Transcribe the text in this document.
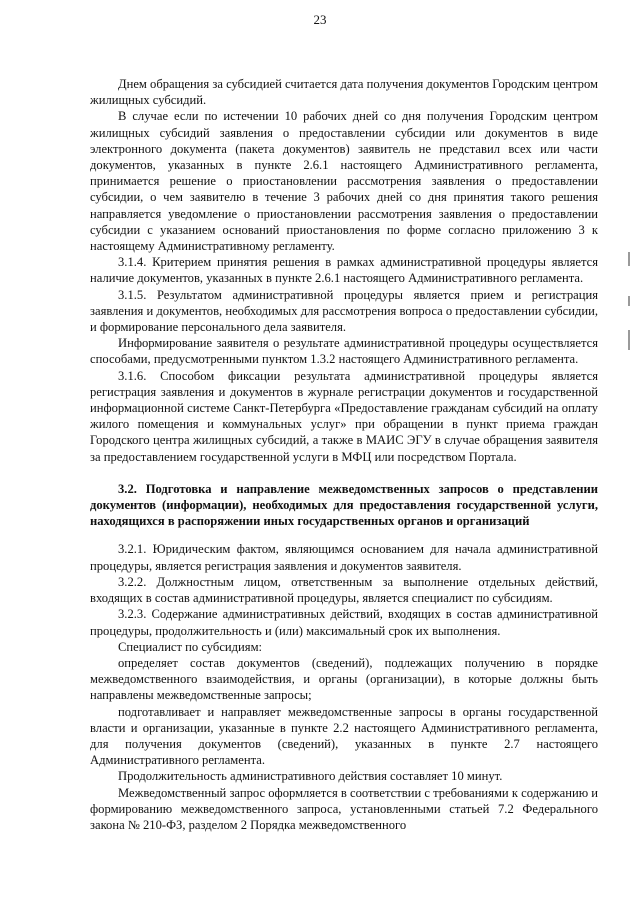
23

Днем обращения за субсидией считается дата получения документов Городским центром жилищных субсидий.

В случае если по истечении 10 рабочих дней со дня получения Городским центром жилищных субсидий заявления о предоставлении субсидии или документов в виде электронного документа (пакета документов) заявитель не представил всех или части документов, указанных в пункте 2.6.1 настоящего Административного регламента, принимается решение о приостановлении рассмотрения заявления о предоставлении субсидии, о чем заявителю в течение 3 рабочих дней со дня принятия такого решения направляется уведомление о приостановлении рассмотрения заявления о предоставлении субсидии с указанием оснований приостановления по форме согласно приложению 3 к настоящему Административному регламенту.

3.1.4. Критерием принятия решения в рамках административной процедуры является наличие документов, указанных в пункте 2.6.1 настоящего Административного регламента.

3.1.5. Результатом административной процедуры является прием и регистрация заявления и документов, необходимых для рассмотрения вопроса о предоставлении субсидии, и формирование персонального дела заявителя.

Информирование заявителя о результате административной процедуры осуществляется способами, предусмотренными пунктом 1.3.2 настоящего Административного регламента.

3.1.6. Способом фиксации результата административной процедуры является регистрация заявления и документов в журнале регистрации документов и государственной информационной системе Санкт-Петербурга «Предоставление гражданам субсидий на оплату жилого помещения и коммунальных услуг» при обращении в пункт приема граждан Городского центра жилищных субсидий, а также в МАИС ЭГУ в случае обращения заявителя за предоставлением государственной услуги в МФЦ или посредством Портала.

3.2. Подготовка и направление межведомственных запросов о представлении документов (информации), необходимых для предоставления государственной услуги, находящихся в распоряжении иных государственных органов и организаций

3.2.1. Юридическим фактом, являющимся основанием для начала административной процедуры, является регистрация заявления и документов заявителя.

3.2.2. Должностным лицом, ответственным за выполнение отдельных действий, входящих в состав административной процедуры, является специалист по субсидиям.

3.2.3. Содержание административных действий, входящих в состав административной процедуры, продолжительность и (или) максимальный срок их выполнения.

Специалист по субсидиям:

определяет состав документов (сведений), подлежащих получению в порядке межведомственного взаимодействия, и органы (организации), в которые должны быть направлены межведомственные запросы;

подготавливает и направляет межведомственные запросы в органы государственной власти и организации, указанные в пункте 2.2 настоящего Административного регламента, для получения документов (сведений), указанных в пункте 2.7 настоящего Административного регламента.

Продолжительность административного действия составляет 10 минут.

Межведомственный запрос оформляется в соответствии с требованиями к содержанию и формированию межведомственного запроса, установленными статьей 7.2 Федерального закона № 210-ФЗ, разделом 2 Порядка межведомственного
